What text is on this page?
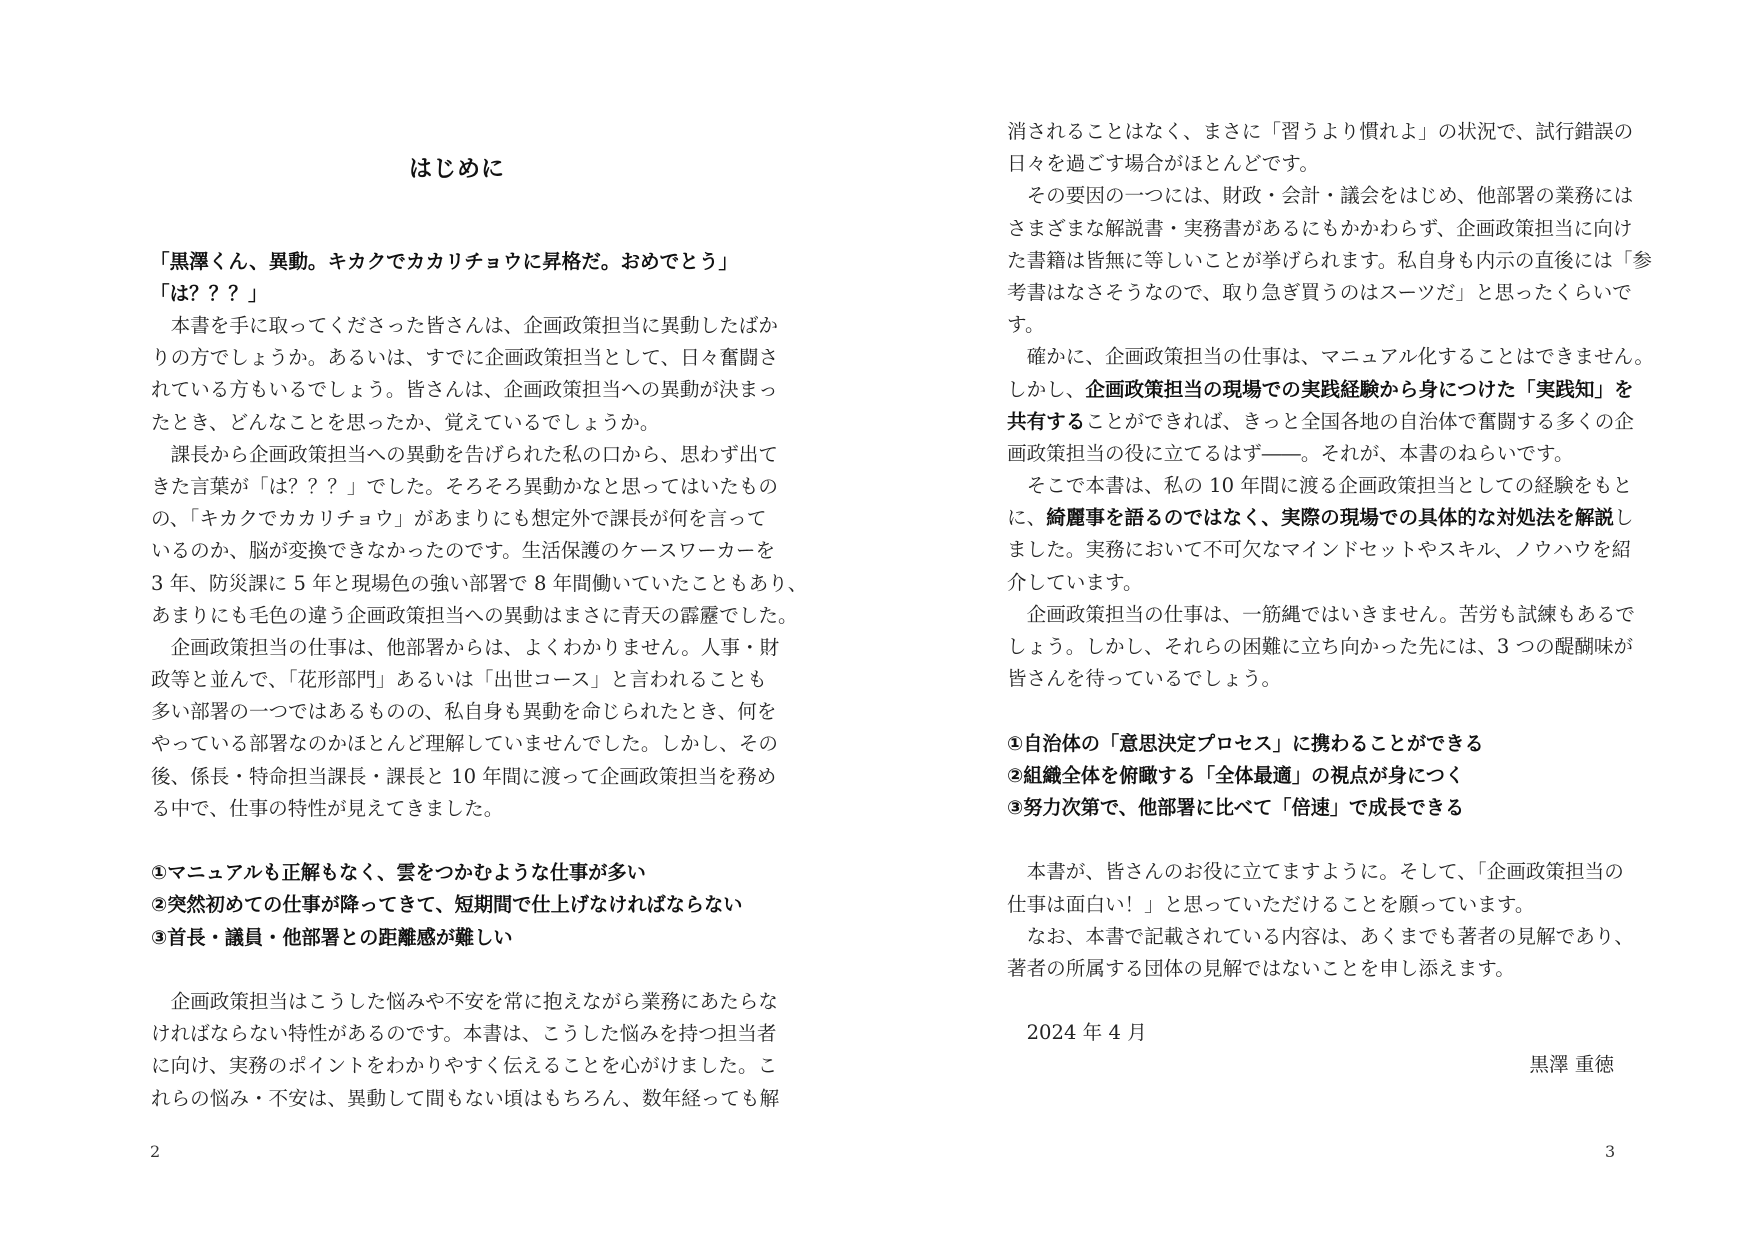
はじめに
「黒澤くん、異動。キカクでカカリチョウに昇格だ。おめでとう」
「は？？？」
本書を手に取ってくださった皆さんは、企画政策担当に異動したばか
りの方でしょうか。あるいは、すでに企画政策担当として、日々奮闘さ
れている方もいるでしょう。皆さんは、企画政策担当への異動が決まっ
たとき、どんなことを思ったか、覚えているでしょうか。
課長から企画政策担当への異動を告げられた私の口から、思わず出て
きた言葉が「は？？？」でした。そろそろ異動かなと思ってはいたもの
の、「キカクでカカリチョウ」があまりにも想定外で課長が何を言って
いるのか、脳が変換できなかったのです。生活保護のケースワーカーを
3 年、防災課に 5 年と現場色の強い部署で 8 年間働いていたこともあり、
あまりにも毛色の違う企画政策担当への異動はまさに青天の霹靂でした。
企画政策担当の仕事は、他部署からは、よくわかりません。人事・財
政等と並んで、「花形部門」あるいは「出世コース」と言われることも
多い部署の一つではあるものの、私自身も異動を命じられたとき、何を
やっている部署なのかほとんど理解していませんでした。しかし、その
後、係長・特命担当課長・課長と 10 年間に渡って企画政策担当を務め
る中で、仕事の特性が見えてきました。
①マニュアルも正解もなく、雲をつかむような仕事が多い
②突然初めての仕事が降ってきて、短期間で仕上げなければならない
③首長・議員・他部署との距離感が難しい
企画政策担当はこうした悩みや不安を常に抱えながら業務にあたらな
ければならない特性があるのです。本書は、こうした悩みを持つ担当者
に向け、実務のポイントをわかりやすく伝えることを心がけました。こ
れらの悩み・不安は、異動して間もない頃はもちろん、数年経っても解
2
消されることはなく、まさに「習うより慣れよ」の状況で、試行錯誤の
日々を過ごす場合がほとんどです。
その要因の一つには、財政・会計・議会をはじめ、他部署の業務には
さまざまな解説書・実務書があるにもかかわらず、企画政策担当に向け
た書籍は皆無に等しいことが挙げられます。私自身も内示の直後には「参
考書はなさそうなので、取り急ぎ買うのはスーツだ」と思ったくらいで
す。
確かに、企画政策担当の仕事は、マニュアル化することはできません。
しかし、企画政策担当の現場での実践経験から身につけた「実践知」を
共有することができれば、きっと全国各地の自治体で奮闘する多くの企
画政策担当の役に立てるはず――。それが、本書のねらいです。
そこで本書は、私の 10 年間に渡る企画政策担当としての経験をもと
に、綺麗事を語るのではなく、実際の現場での具体的な対処法を解説し
ました。実務において不可欠なマインドセットやスキル、ノウハウを紹
介しています。
企画政策担当の仕事は、一筋縄ではいきません。苦労も試練もあるで
しょう。しかし、それらの困難に立ち向かった先には、3 つの醍醐味が
皆さんを待っているでしょう。
①自治体の「意思決定プロセス」に携わることができる
②組織全体を俯瞰する「全体最適」の視点が身につく
③努力次第で、他部署に比べて「倍速」で成長できる
本書が、皆さんのお役に立てますように。そして、「企画政策担当の
仕事は面白い！」と思っていただけることを願っています。
なお、本書で記載されている内容は、あくまでも著者の見解であり、
著者の所属する団体の見解ではないことを申し添えます。
2024 年 4 月
黒澤 重徳
3
